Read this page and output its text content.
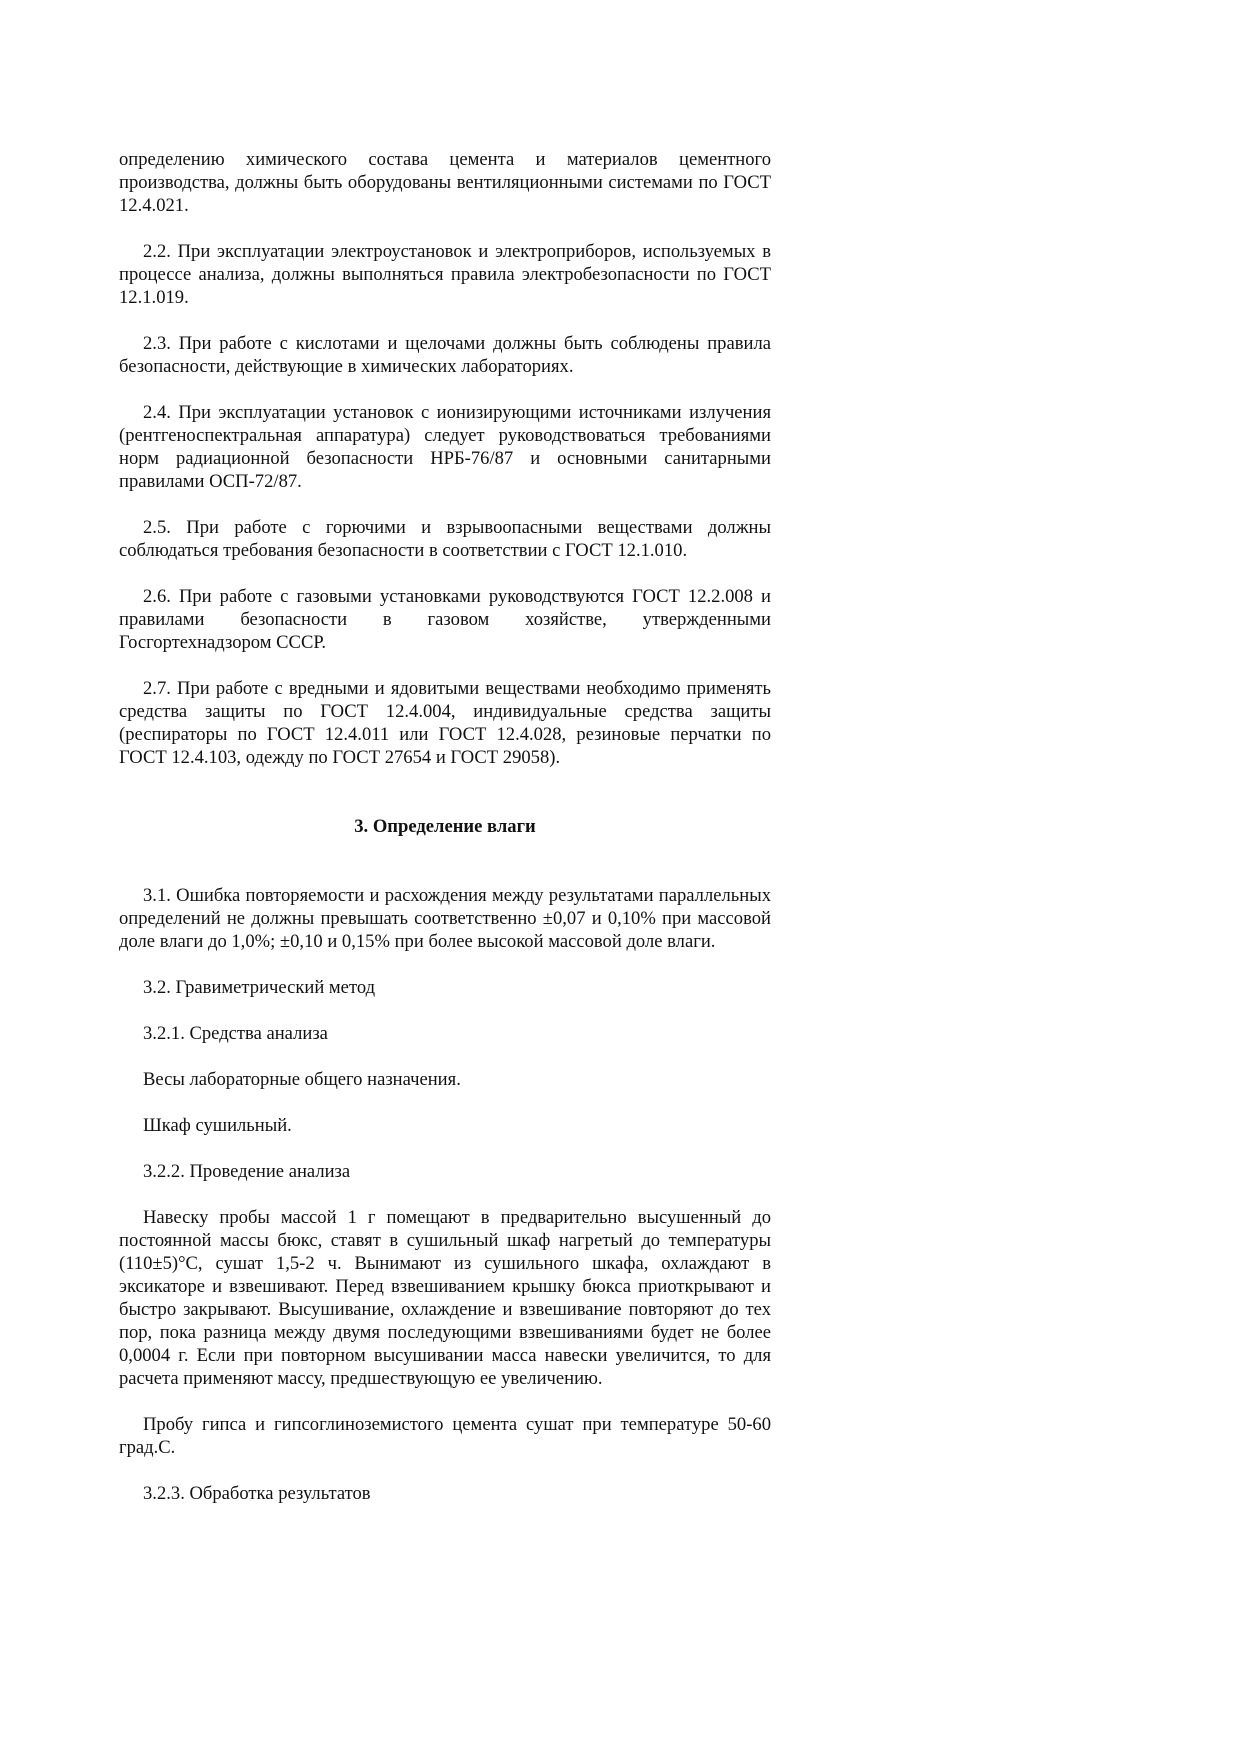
определению химического состава цемента и материалов цементного производства, должны быть оборудованы вентиляционными системами по ГОСТ 12.4.021.

2.2. При эксплуатации электроустановок и электроприборов, используемых в процессе анализа, должны выполняться правила электробезопасности по ГОСТ 12.1.019.

2.3. При работе с кислотами и щелочами должны быть соблюдены правила безопасности, действующие в химических лабораториях.

2.4. При эксплуатации установок с ионизирующими источниками излучения (рентгеноспектральная аппаратура) следует руководствоваться требованиями норм радиационной безопасности НРБ-76/87 и основными санитарными правилами ОСП-72/87.

2.5. При работе с горючими и взрывоопасными веществами должны соблюдаться требования безопасности в соответствии с ГОСТ 12.1.010.

2.6. При работе с газовыми установками руководствуются ГОСТ 12.2.008 и правилами безопасности в газовом хозяйстве, утвержденными Госгортехнадзором СССР.

2.7. При работе с вредными и ядовитыми веществами необходимо применять средства защиты по ГОСТ 12.4.004, индивидуальные средства защиты (респираторы по ГОСТ 12.4.011 или ГОСТ 12.4.028, резиновые перчатки по ГОСТ 12.4.103, одежду по ГОСТ 27654 и ГОСТ 29058).

3. Определение влаги

3.1. Ошибка повторяемости и расхождения между результатами параллельных определений не должны превышать соответственно ±0,07 и 0,10% при массовой доле влаги до 1,0%; ±0,10 и 0,15% при более высокой массовой доле влаги.

3.2. Гравиметрический метод

3.2.1. Средства анализа

Весы лабораторные общего назначения.

Шкаф сушильный.

3.2.2. Проведение анализа

Навеску пробы массой 1 г помещают в предварительно высушенный до постоянной массы бюкс, ставят в сушильный шкаф нагретый до температуры (110±5)°С, сушат 1,5-2 ч. Вынимают из сушильного шкафа, охлаждают в эксикаторе и взвешивают. Перед взвешиванием крышку бюкса приоткрывают и быстро закрывают. Высушивание, охлаждение и взвешивание повторяют до тех пор, пока разница между двумя последующими взвешиваниями будет не более 0,0004 г. Если при повторном высушивании масса навески увеличится, то для расчета применяют массу, предшествующую ее увеличению.

Пробу гипса и гипсоглиноземистого цемента сушат при температуре 50-60 град.С.

3.2.3. Обработка результатов
